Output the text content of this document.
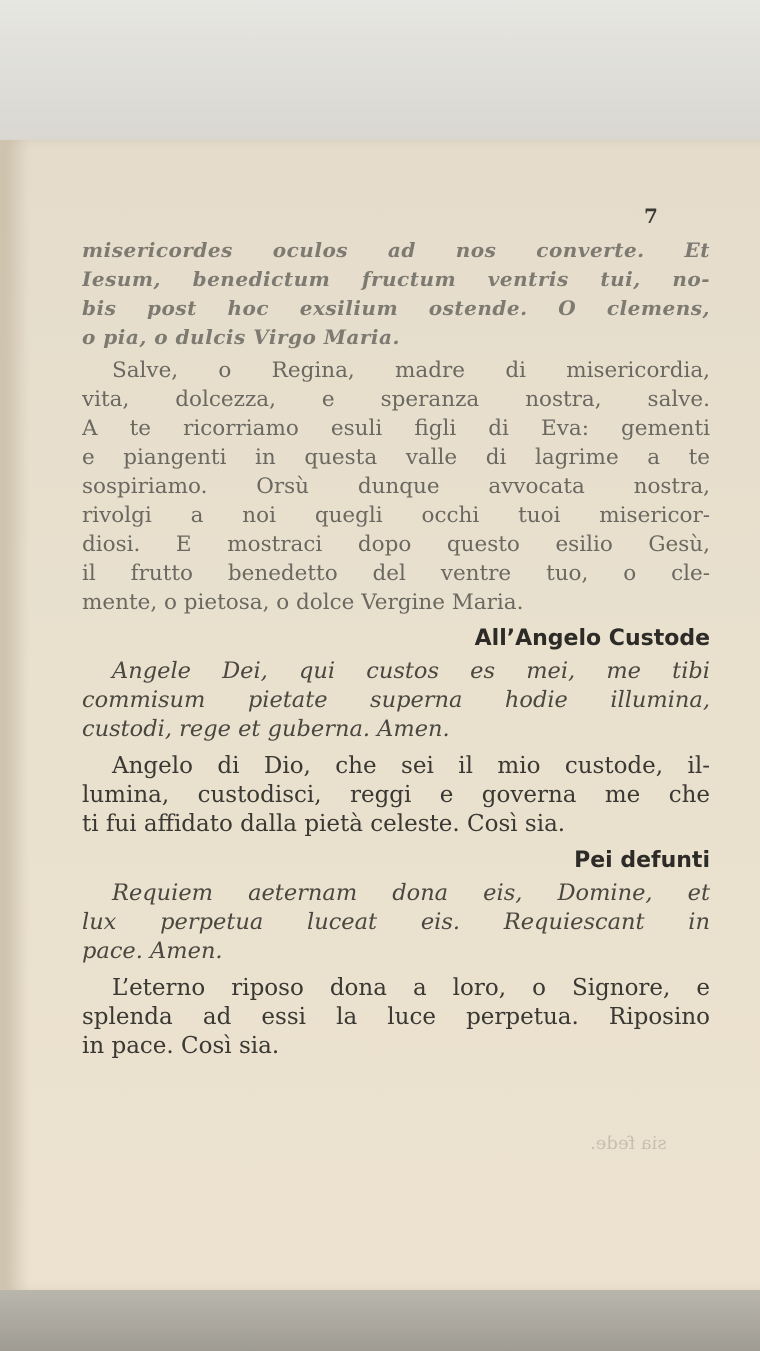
7
sia fede.
misericordes oculos ad nos converte. Et
Iesum, benedictum fructum ventris tui, no-
bis post hoc exsilium ostende. O clemens,
o pia, o dulcis Virgo Maria.
Salve, o Regina, madre di misericordia,
vita, dolcezza, e speranza nostra, salve.
A te ricorriamo esuli figli di Eva: gementi
e piangenti in questa valle di lagrime a te
sospiriamo. Orsù dunque avvocata nostra,
rivolgi a noi quegli occhi tuoi misericor-
diosi. E mostraci dopo questo esilio Gesù,
il frutto benedetto del ventre tuo, o cle-
mente, o pietosa, o dolce Vergine Maria.
All’Angelo Custode
Angele Dei, qui custos es mei, me tibi
commisum pietate superna hodie illumina,
custodi, rege et guberna. Amen.
Angelo di Dio, che sei il mio custode, il-
lumina, custodisci, reggi e governa me che
ti fui affidato dalla pietà celeste. Così sia.
Pei defunti
Requiem aeternam dona eis, Domine, et
lux perpetua luceat eis. Requiescant in
pace. Amen.
L’eterno riposo dona a loro, o Signore, e
splenda ad essi la luce perpetua. Riposino
in pace. Così sia.
